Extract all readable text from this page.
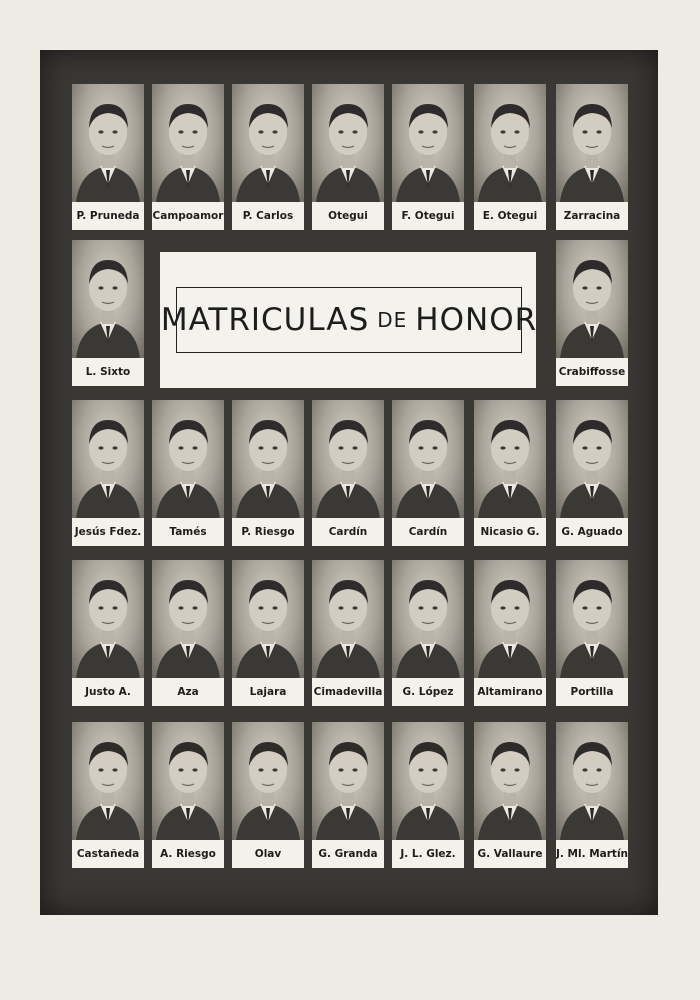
MATRICULAS DE HONOR
P. Pruneda	Campoamor	P. Carlos	Otegui	F. Otegui	E. Otegui	Zarracina
L. Sixto	Crabiffosse
Jesús Fdez.	Tamés	P. Riesgo	Cardín	Cardín	Nicasio G.	G. Aguado
Justo A.	Aza	Lajara	Cimadevilla	G. López	Altamirano	Portilla
Castañeda	A. Riesgo	Olav	G. Granda	J. L. Glez.	G. Vallaure	J. Ml. Martín
